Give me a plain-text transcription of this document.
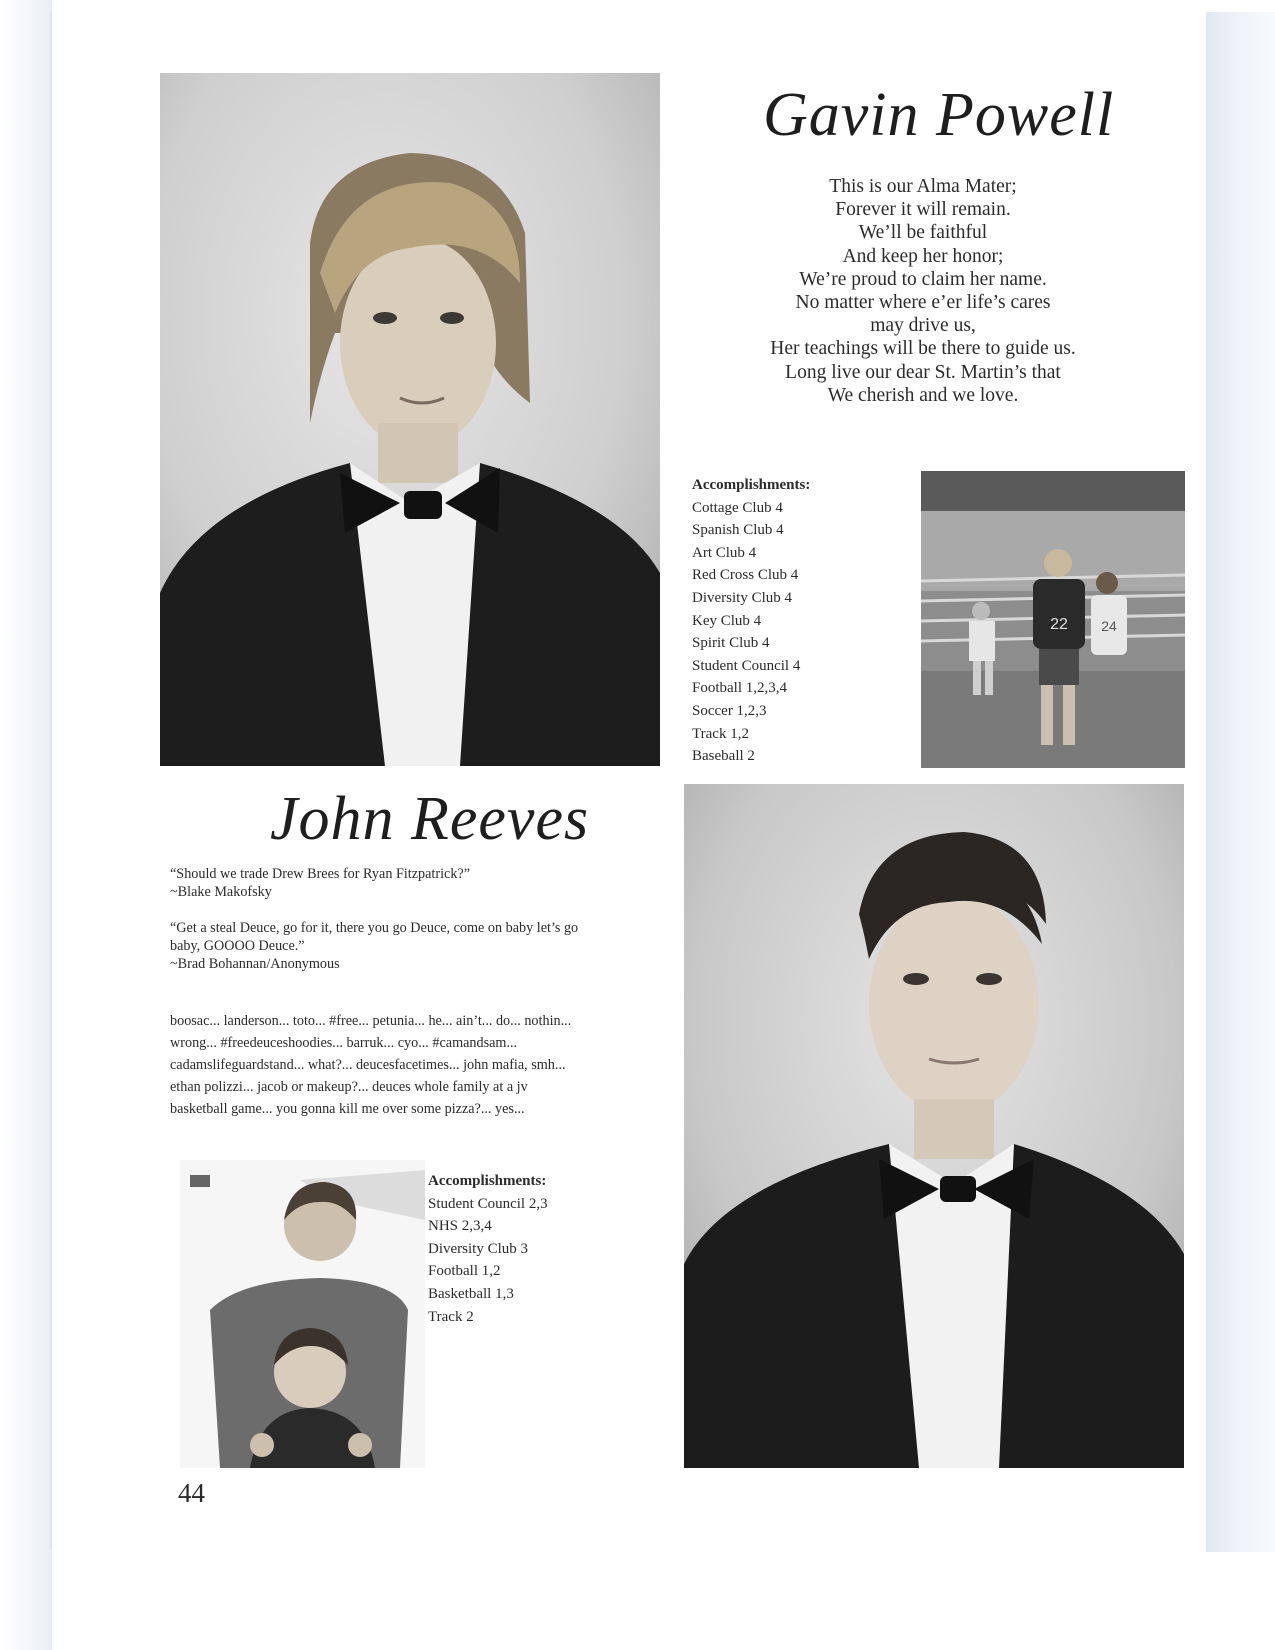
Gavin Powell
This is our Alma Mater;
Forever it will remain.
We’ll be faithful
And keep her honor;
We’re proud to claim her name.
No matter where e’er life’s cares
may drive us,
Her teachings will be there to guide us.
Long live our dear St. Martin’s that
We cherish and we love.
Accomplishments:
Cottage Club 4
Spanish Club 4
Art Club 4
Red Cross Club 4
Diversity Club 4
Key Club 4
Spirit Club 4
Student Council 4
Football 1,2,3,4
Soccer 1,2,3
Track 1,2
Baseball 2
22 24
John Reeves
“Should we trade Drew Brees for Ryan Fitzpatrick?”
~Blake Makofsky
“Get a steal Deuce, go for it, there you go Deuce, come on baby let’s go
baby, GOOOO Deuce.”
~Brad Bohannan/Anonymous
boosac... landerson... toto... #free... petunia... he... ain’t... do... nothin...
wrong... #freedeuceshoodies... barruk... cyo... #camandsam...
cadamslifeguardstand... what?... deucesfacetimes... john mafia, smh...
ethan polizzi... jacob or makeup?... deuces whole family at a jv
basketball game... you gonna kill me over some pizza?... yes...
Accomplishments:
Student Council 2,3
NHS 2,3,4
Diversity Club 3
Football 1,2
Basketball 1,3
Track 2
44
